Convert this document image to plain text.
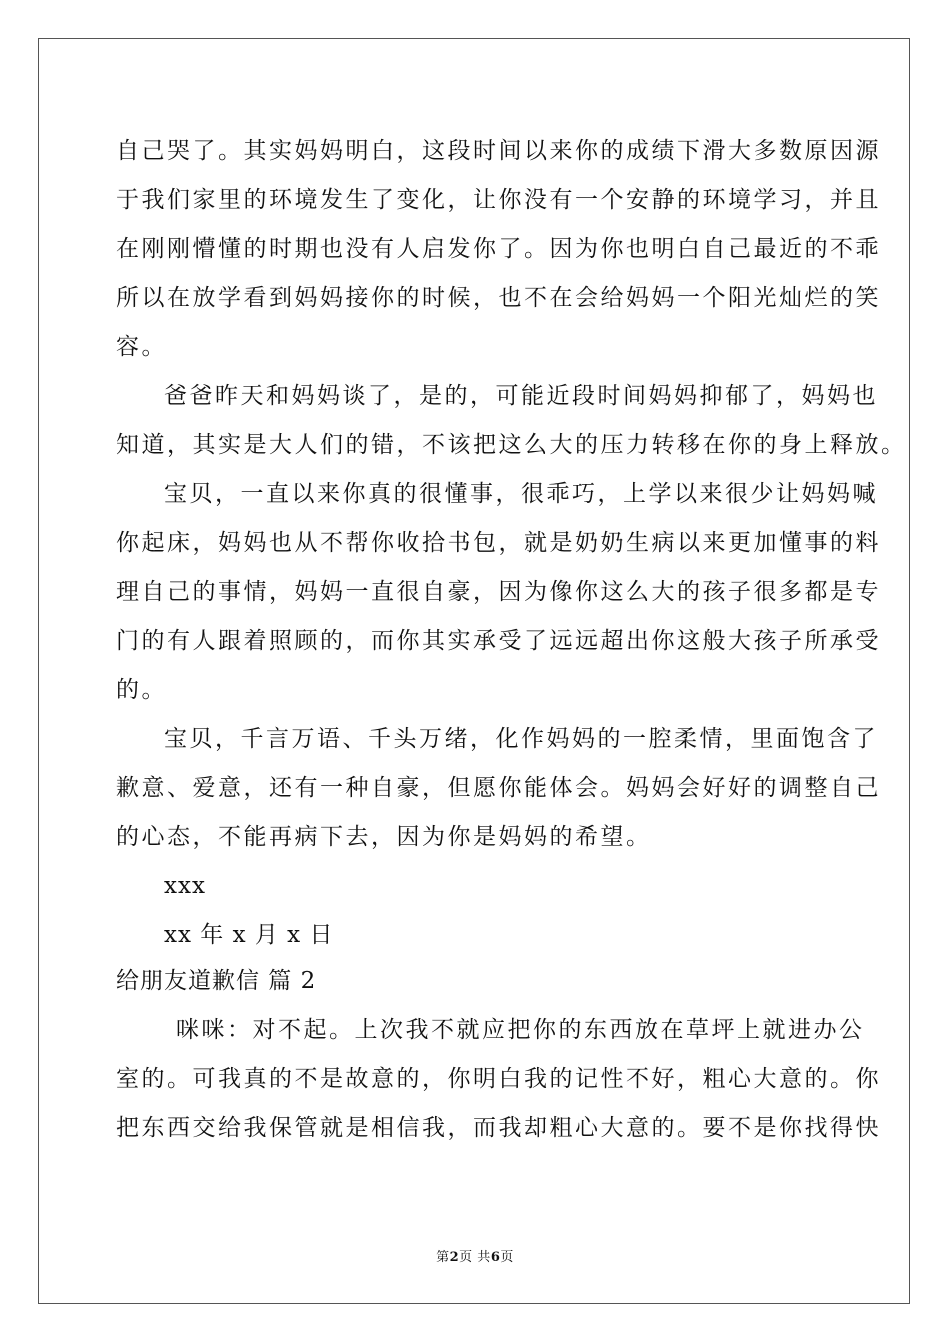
自己哭了。其实妈妈明白，这段时间以来你的成绩下滑大多数原因源
于我们家里的环境发生了变化，让你没有一个安静的环境学习，并且
在刚刚懵懂的时期也没有人启发你了。因为你也明白自己最近的不乖
所以在放学看到妈妈接你的时候，也不在会给妈妈一个阳光灿烂的笑
容。
爸爸昨天和妈妈谈了，是的，可能近段时间妈妈抑郁了，妈妈也
知道，其实是大人们的错，不该把这么大的压力转移在你的身上释放。
宝贝，一直以来你真的很懂事，很乖巧，上学以来很少让妈妈喊
你起床，妈妈也从不帮你收拾书包，就是奶奶生病以来更加懂事的料
理自己的事情，妈妈一直很自豪，因为像你这么大的孩子很多都是专
门的有人跟着照顾的，而你其实承受了远远超出你这般大孩子所承受
的。
宝贝，千言万语、千头万绪，化作妈妈的一腔柔情，里面饱含了
歉意、爱意，还有一种自豪，但愿你能体会。妈妈会好好的调整自己
的心态，不能再病下去，因为你是妈妈的希望。
xxx
xx 年 x 月 x 日
给朋友道歉信 篇 2
咪咪：对不起。上次我不就应把你的东西放在草坪上就进办公
室的。可我真的不是故意的，你明白我的记性不好，粗心大意的。你
把东西交给我保管就是相信我，而我却粗心大意的。要不是你找得快
第2页 共6页
